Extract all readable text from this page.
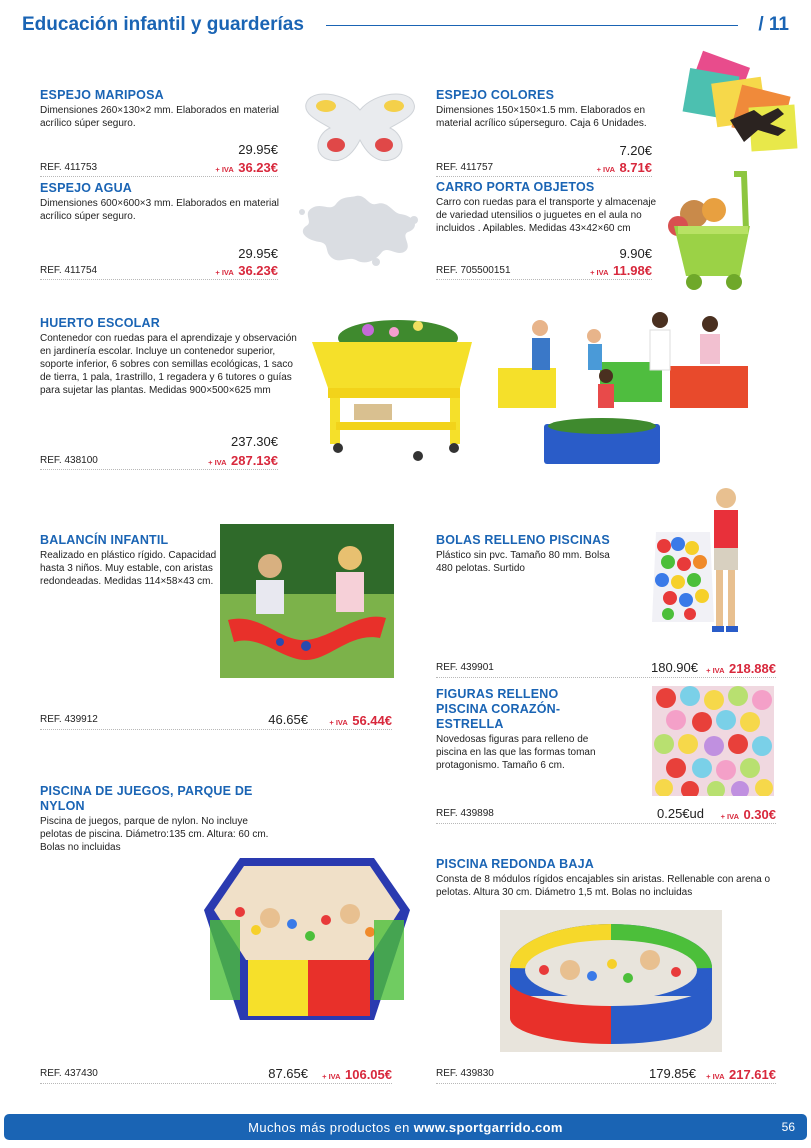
Educación infantil y guarderías	/ 11
ESPEJO MARIPOSA
Dimensiones 260×130×2 mm. Elaborados en material acrílico súper seguro.
29.95€
REF. 411753	+ IVA 36.23€
ESPEJO AGUA
Dimensiones 600×600×3 mm. Elaborados en material acrílico súper seguro.
29.95€
REF. 411754	+ IVA 36.23€
ESPEJO COLORES
Dimensiones 150×150×1.5 mm. Elaborados en material acrílico súperseguro. Caja 6 Unidades.
7.20€
REF. 411757	+ IVA 8.71€
CARRO PORTA OBJETOS
Carro con ruedas para el transporte y almacenaje de variedad utensilios o juguetes en el aula no incluidos . Apilables. Medidas 43×42×60 cm
9.90€
REF. 705500151	+ IVA 11.98€
HUERTO ESCOLAR
Contenedor con ruedas para el aprendizaje y observación en jardinería escolar. Incluye un contenedor superior, soporte inferior, 6 sobres con semillas ecológicas, 1 saco de tierra, 1 pala, 1rastrillo, 1 regadera y 6 tutores o guías para sujetar las plantas. Medidas 900×500×625 mm
237.30€
REF. 438100	+ IVA 287.13€
BALANCÍN INFANTIL
Realizado en plástico rígido. Capacidad hasta 3 niños. Muy estable, con aristas redondeadas. Medidas 114×58×43 cm.
REF. 439912	46.65€	+ IVA 56.44€
BOLAS RELLENO PISCINAS
Plástico sin pvc. Tamaño 80 mm. Bolsa 480 pelotas. Surtido
REF. 439901	180.90€ + IVA 218.88€
FIGURAS RELLENO PISCINA CORAZÓN-ESTRELLA
Novedosas figuras para relleno de piscina en las que las formas toman protagonismo. Tamaño 6 cm.
REF. 439898	0.25€ud + IVA 0.30€
PISCINA DE JUEGOS, PARQUE DE NYLON
Piscina de juegos, parque de nylon. No incluye pelotas de piscina. Diámetro:135 cm. Altura: 60 cm. Bolas no incluidas
REF. 437430	87.65€ + IVA 106.05€
PISCINA REDONDA BAJA
Consta de 8 módulos rígidos encajables sin aristas. Rellenable con arena o pelotas. Altura 30 cm. Diámetro 1,5 mt. Bolas no incluidas
REF. 439830	179.85€ + IVA 217.61€
Muchos más productos en www.sportgarrido.com	56
